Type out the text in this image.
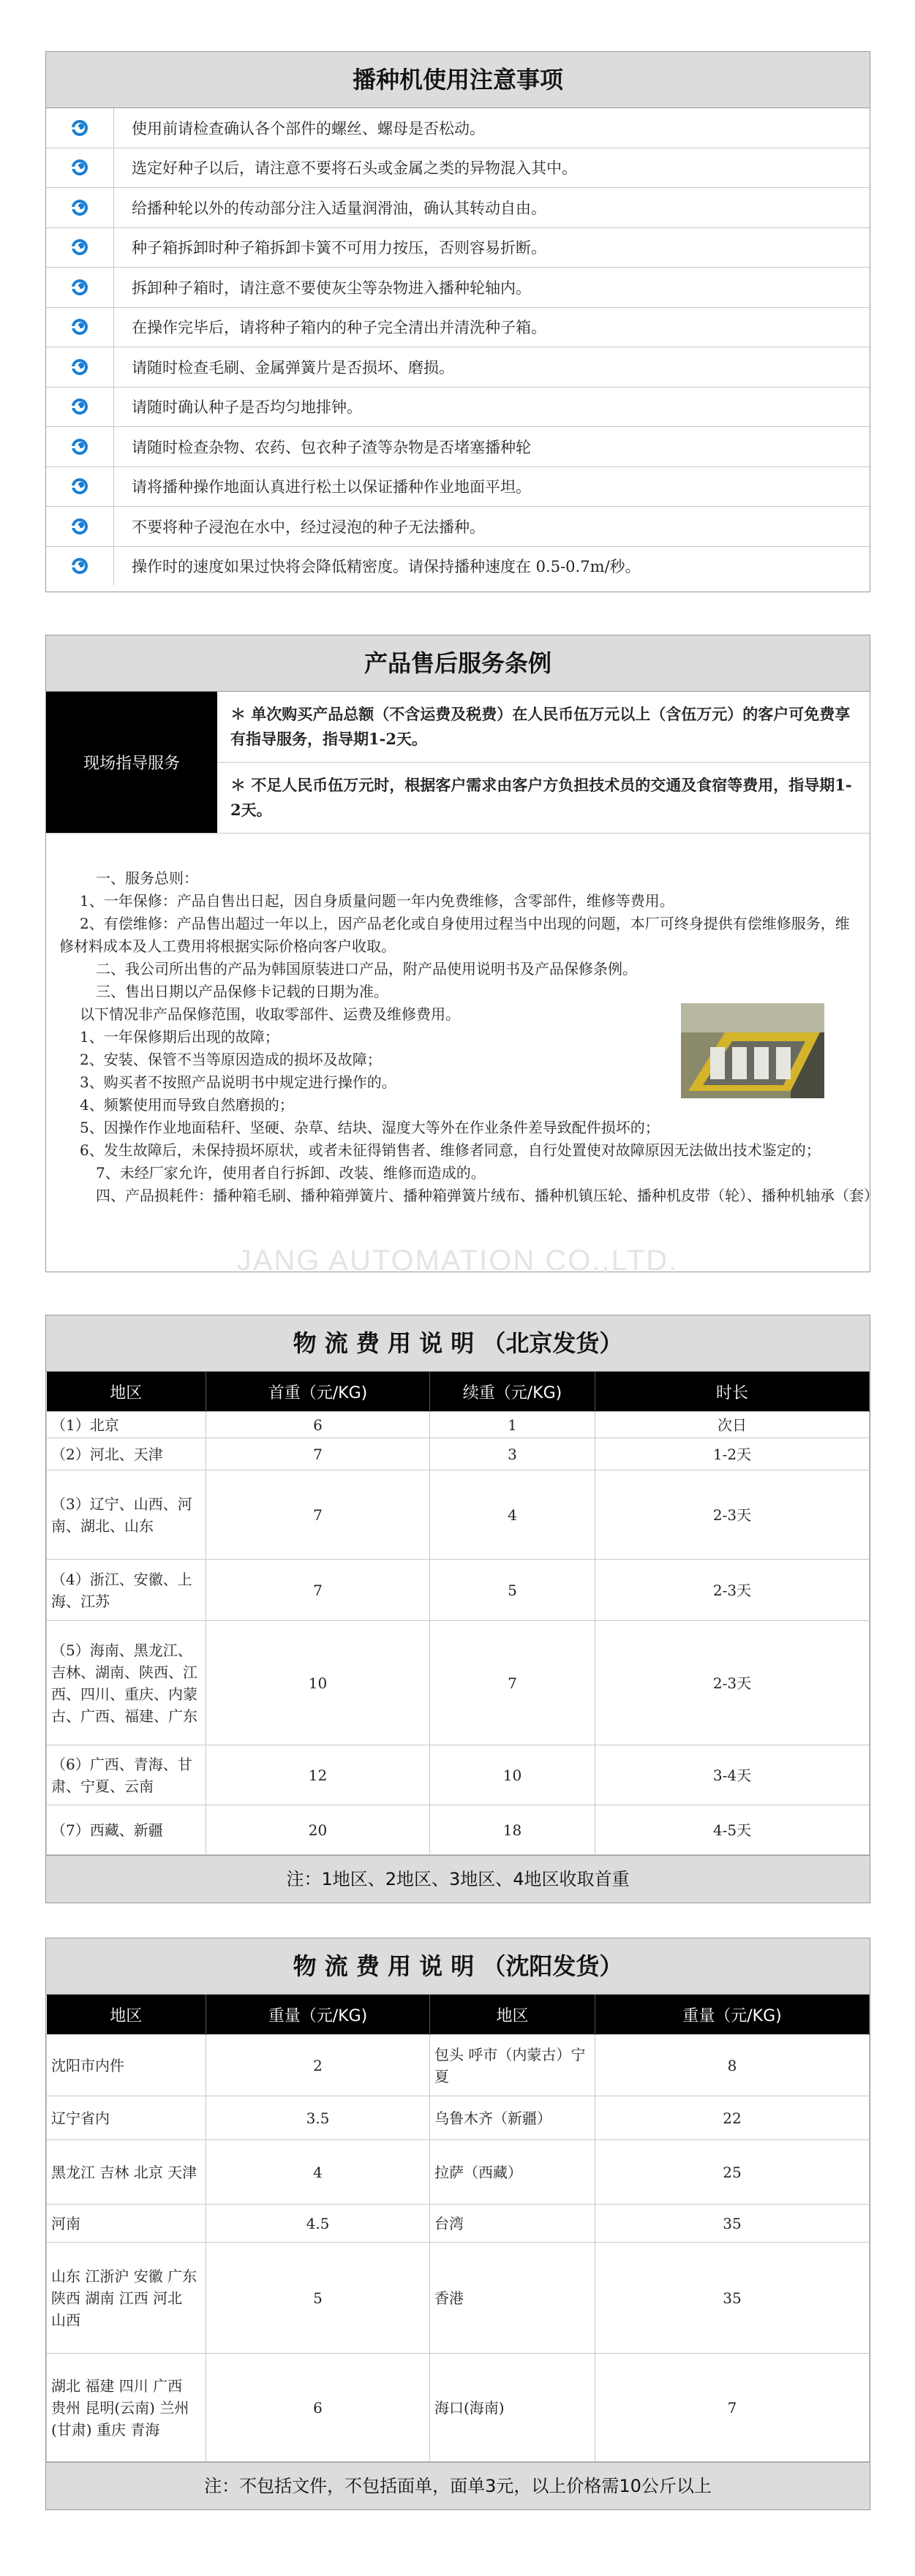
播种机使用注意事项
使用前请检查确认各个部件的螺丝、螺母是否松动。
选定好种子以后，请注意不要将石头或金属之类的异物混入其中。
给播种轮以外的传动部分注入适量润滑油，确认其转动自由。
种子箱拆卸时种子箱拆卸卡簧不可用力按压，否则容易折断。
拆卸种子箱时，请注意不要使灰尘等杂物进入播种轮轴内。
在操作完毕后，请将种子箱内的种子完全清出并清洗种子箱。
请随时检查毛刷、金属弹簧片是否损坏、磨损。
请随时确认种子是否均匀地排钟。
请随时检查杂物、农药、包衣种子渣等杂物是否堵塞播种轮
请将播种操作地面认真进行松土以保证播种作业地面平坦。
不要将种子浸泡在水中，经过浸泡的种子无法播种。
操作时的速度如果过快将会降低精密度。请保持播种速度在 0.5-0.7m/秒。
产品售后服务条例
现场指导服务
＊ 单次购买产品总额（不含运费及税费）在人民币伍万元以上（含伍万元）的客户可免费享有指导服务，指导期1-2天。
＊ 不足人民币伍万元时，根据客户需求由客户方负担技术员的交通及食宿等费用，指导期1-2天。
一、服务总则：
1、一年保修：产品自售出日起，因自身质量问题一年内免费维修，含零部件，维修等费用。
2、有偿维修：产品售出超过一年以上，因产品老化或自身使用过程当中出现的问题，本厂可终身提供有偿维修服务，维修材料成本及人工费用将根据实际价格向客户收取。
二、我公司所出售的产品为韩国原装进口产品，附产品使用说明书及产品保修条例。
三、售出日期以产品保修卡记载的日期为准。
以下情况非产品保修范围，收取零部件、运费及维修费用。
1、一年保修期后出现的故障；
2、安装、保管不当等原因造成的损坏及故障；
3、购买者不按照产品说明书中规定进行操作的。
4、频繁使用而导致自然磨损的；
5、因操作作业地面秸秆、坚硬、杂草、结块、湿度大等外在作业条件差导致配件损坏的；
6、发生故障后，未保持损坏原状，或者未征得销售者、维修者同意，自行处置使对故障原因无法做出技术鉴定的；
7、未经厂家允许，使用者自行拆卸、改装、维修而造成的。
四、产品损耗件：播种箱毛刷、播种箱弹簧片、播种箱弹簧片绒布、播种机镇压轮、播种机皮带（轮）、播种机轴承（套）
JANG AUTOMATION CO.,LTD.
物 流 费 用 说 明 （北京发货）
地区	首重（元/KG)	续重（元/KG)	时长
（1）北京	6	1	次日
（2）河北、天津	7	3	1-2天
（3）辽宁、山西、河南、湖北、山东	7	4	2-3天
（4）浙江、安徽、上海、江苏	7	5	2-3天
（5）海南、黑龙江、吉林、湖南、陕西、江西、四川、重庆、内蒙古、广西、福建、广东	10	7	2-3天
（6）广西、青海、甘肃、宁夏、云南	12	10	3-4天
（7）西藏、新疆	20	18	4-5天
注：1地区、2地区、3地区、4地区收取首重
物 流 费 用 说 明 （沈阳发货）
地区	重量（元/KG)	地区	重量（元/KG)
沈阳市内件	2	包头 呼市（内蒙古）宁夏	8
辽宁省内	3.5	乌鲁木齐（新疆）	22
黑龙江 吉林 北京 天津	4	拉萨（西藏）	25
河南	4.5	台湾	35
山东 江浙沪 安徽 广东 陕西 湖南 江西 河北 山西	5	香港	35
湖北 福建 四川 广西 贵州 昆明(云南) 兰州(甘肃) 重庆 青海	6	海口(海南)	7
注：不包括文件，不包括面单，面单3元，以上价格需10公斤以上
